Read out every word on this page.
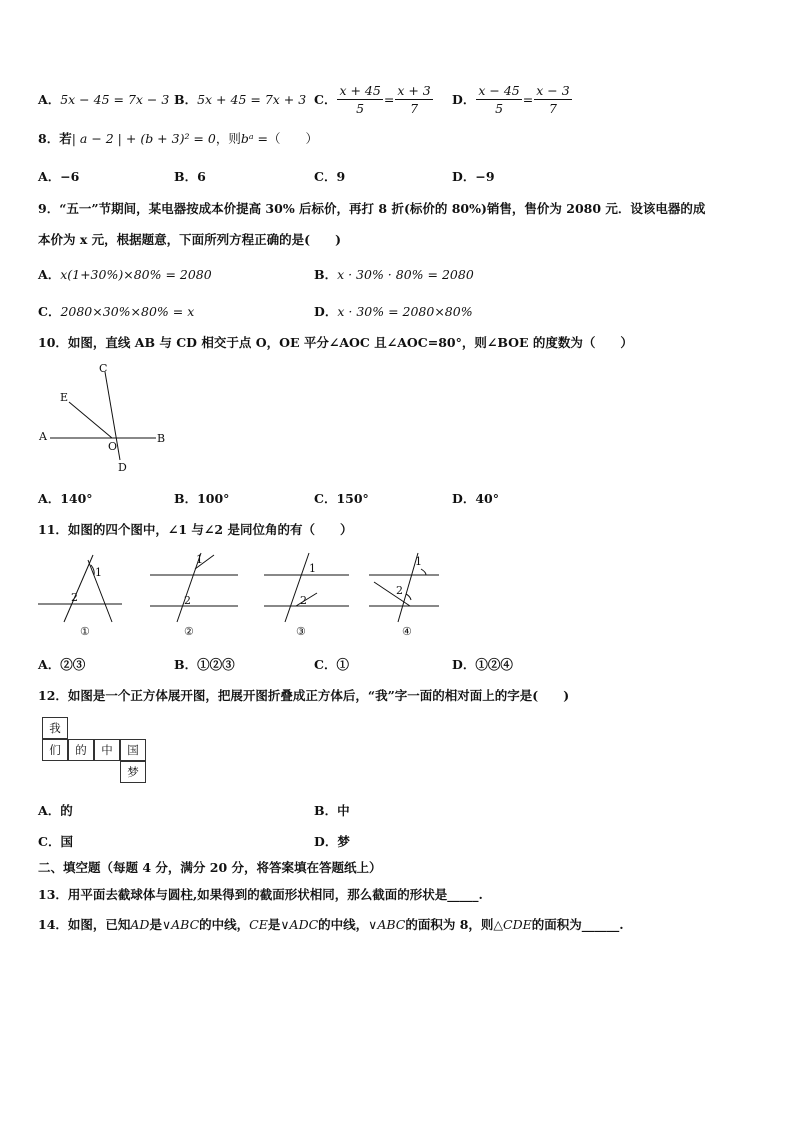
A．5x − 45 = 7x − 3 B．5x + 45 = 7x + 3 C． $\frac{x + 45}{5} = \frac{x + 3}{7}$ D． $\frac{x - 45}{5} = \frac{x - 3}{7}$
8．若| a − 2 | + (b + 3)² = 0，则bᵃ =（　　）
A．−6	B．6	C．9	D．−9
9．“五一”节期间，某电器按成本价提高 30% 后标价，再打 8 折(标价的 80%)销售，售价为 2080 元．设该电器的成
本价为 x 元，根据题意，下面所列方程正确的是(　　)
A．x(1+30%)×80% = 2080	B．x · 30% · 80% = 2080
C．2080×30%×80% = x	D．x · 30% = 2080×80%
10．如图，直线 AB 与 CD 相交于点 O，OE 平分∠AOC 且∠AOC=80°，则∠BOE 的度数为（　　）
A	B
C
D
E
O
A．140°	B．100°	C．150°	D．40°
11．如图的四个图中，∠1 与∠2 是同位角的有（　　）
1
2
①
1
2
②
1
2
③
1
2
④
A．②③	B．①②③	C．①	D．①②④
12．如图是一个正方体展开图，把展开图折叠成正方体后，“我”字一面的相对面上的字是(　　)
我
们	的	中	国
梦
A．的	B．中
C．国	D．梦
二、填空题（每题 4 分，满分 20 分，将答案填在答题纸上）
13．用平面去截球体与圆柱,如果得到的截面形状相同，那么截面的形状是_____.
14．如图，已知AD是∨ABC的中线，CE是∨ADC的中线，∨ABC的面积为 8，则△CDE的面积为______.
